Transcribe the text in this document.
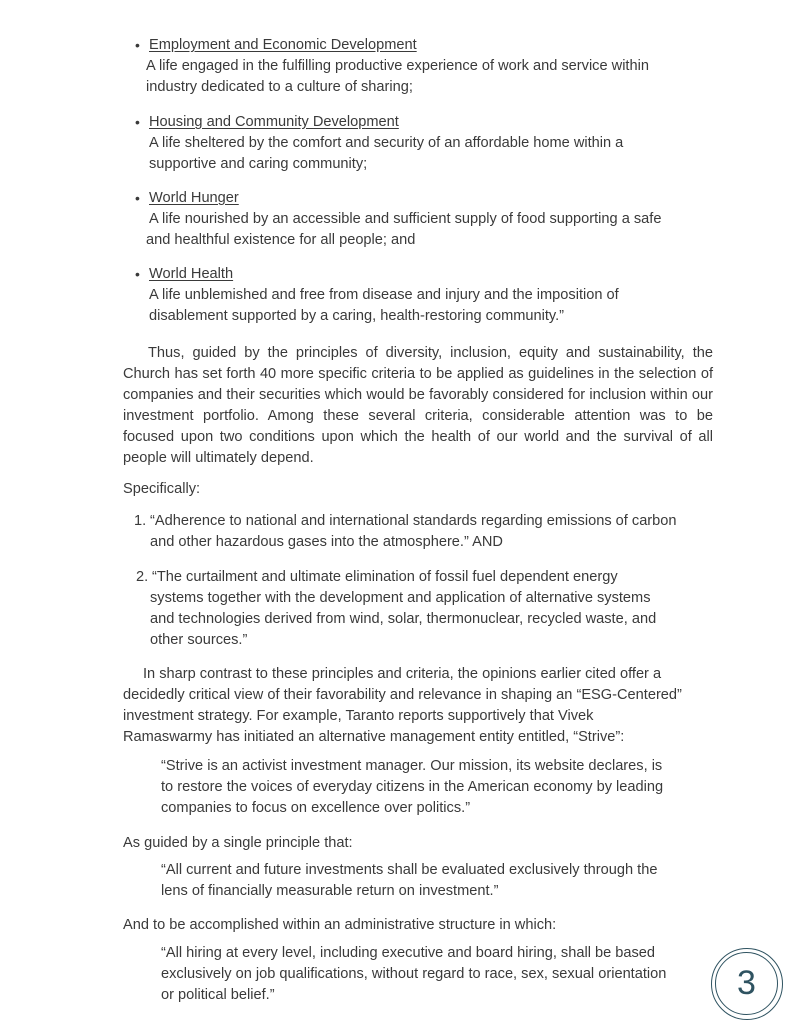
• Employment and Economic Development
A life engaged in the fulfilling productive experience of work and service within
industry dedicated to a culture of sharing;
• Housing and Community Development
A life sheltered by the comfort and security of an affordable home within a
supportive and caring community;
• World Hunger
A life nourished by an accessible and sufficient supply of food supporting a safe
and healthful existence for all people; and
• World Health
A life unblemished and free from disease and injury and the imposition of
disablement supported by a caring, health-restoring community.”
Thus, guided by the principles of diversity, inclusion, equity and sustainability, the Church has set forth 40 more specific criteria to be applied as guidelines in the selection of companies and their securities which would be favorably considered for inclusion within our investment portfolio. Among these several criteria, considerable attention was to be focused upon two conditions upon which the health of our world and the survival of all people will ultimately depend.
Specifically:
1. “Adherence to national and international standards regarding emissions of carbon
and other hazardous gases into the atmosphere.” AND
2. “The curtailment and ultimate elimination of fossil fuel dependent energy
systems together with the development and application of alternative systems
and technologies derived from wind, solar, thermonuclear, recycled waste, and
other sources.”
In sharp contrast to these principles and criteria, the opinions earlier cited offer a
decidedly critical view of their favorability and relevance in shaping an “ESG-Centered”
investment strategy. For example, Taranto reports supportively that Vivek
Ramaswarmy has initiated an alternative management entity entitled, “Strive”:
“Strive is an activist investment manager. Our mission, its website declares, is
to restore the voices of everyday citizens in the American economy by leading
companies to focus on excellence over politics.”
As guided by a single principle that:
“All current and future investments shall be evaluated exclusively through the
lens of financially measurable return on investment.”
And to be accomplished within an administrative structure in which:
“All hiring at every level, including executive and board hiring, shall be based
exclusively on job qualifications, without regard to race, sex, sexual orientation
or political belief.”	3
